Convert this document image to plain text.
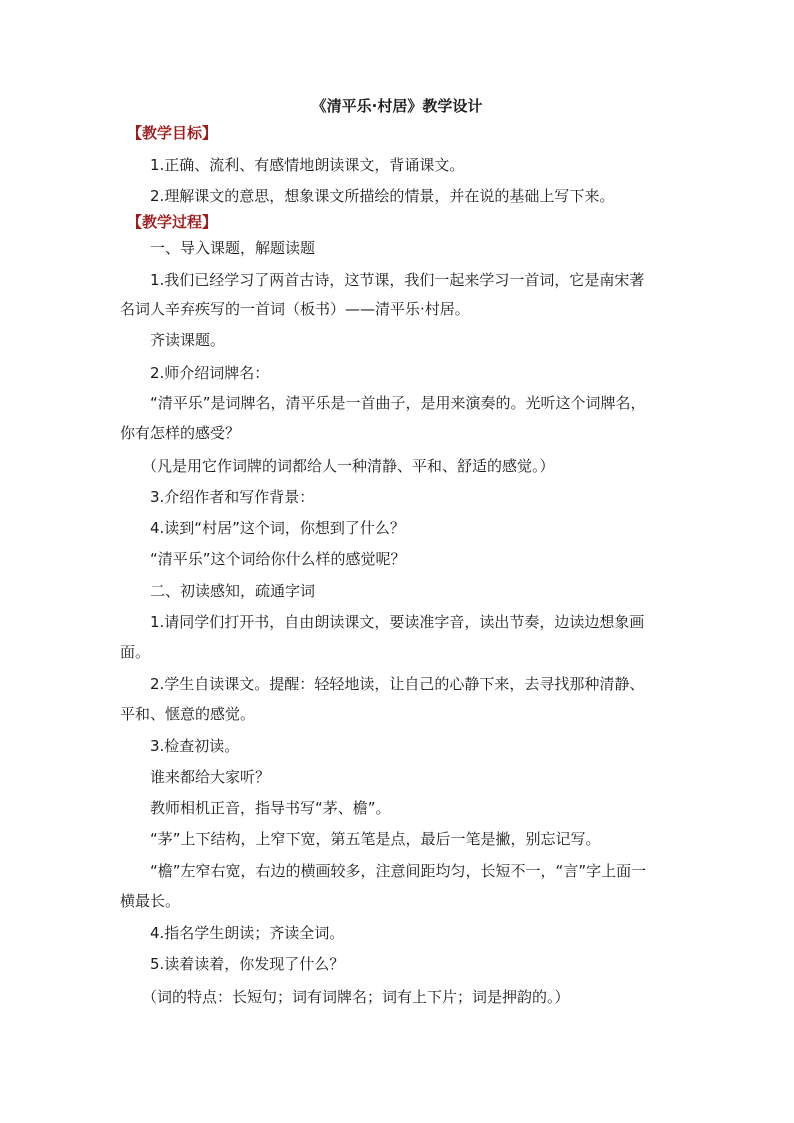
《清平乐·村居》教学设计
【教学目标】
1.正确、流利、有感情地朗读课文，背诵课文。
2.理解课文的意思，想象课文所描绘的情景，并在说的基础上写下来。
【教学过程】
一、导入课题，解题读题
1.我们已经学习了两首古诗，这节课，我们一起来学习一首词，它是南宋著
名词人辛弃疾写的一首词（板书）——清平乐·村居。
齐读课题。
2.师介绍词牌名：
“清平乐”是词牌名，清平乐是一首曲子，是用来演奏的。光听这个词牌名，
你有怎样的感受？
（凡是用它作词牌的词都给人一种清静、平和、舒适的感觉。）
3.介绍作者和写作背景：
4.读到“村居”这个词，你想到了什么？
“清平乐”这个词给你什么样的感觉呢？
二、初读感知，疏通字词
1.请同学们打开书，自由朗读课文，要读准字音，读出节奏，边读边想象画
面。
2.学生自读课文。提醒：轻轻地读，让自己的心静下来，去寻找那种清静、
平和、惬意的感觉。
3.检查初读。
谁来都给大家听？
教师相机正音，指导书写“茅、檐”。
“茅”上下结构，上窄下宽，第五笔是点，最后一笔是撇，别忘记写。
“檐”左窄右宽，右边的横画较多，注意间距均匀，长短不一，“言”字上面一
横最长。
4.指名学生朗读；齐读全词。
5.读着读着，你发现了什么？
（词的特点：长短句；词有词牌名；词有上下片；词是押韵的。）
